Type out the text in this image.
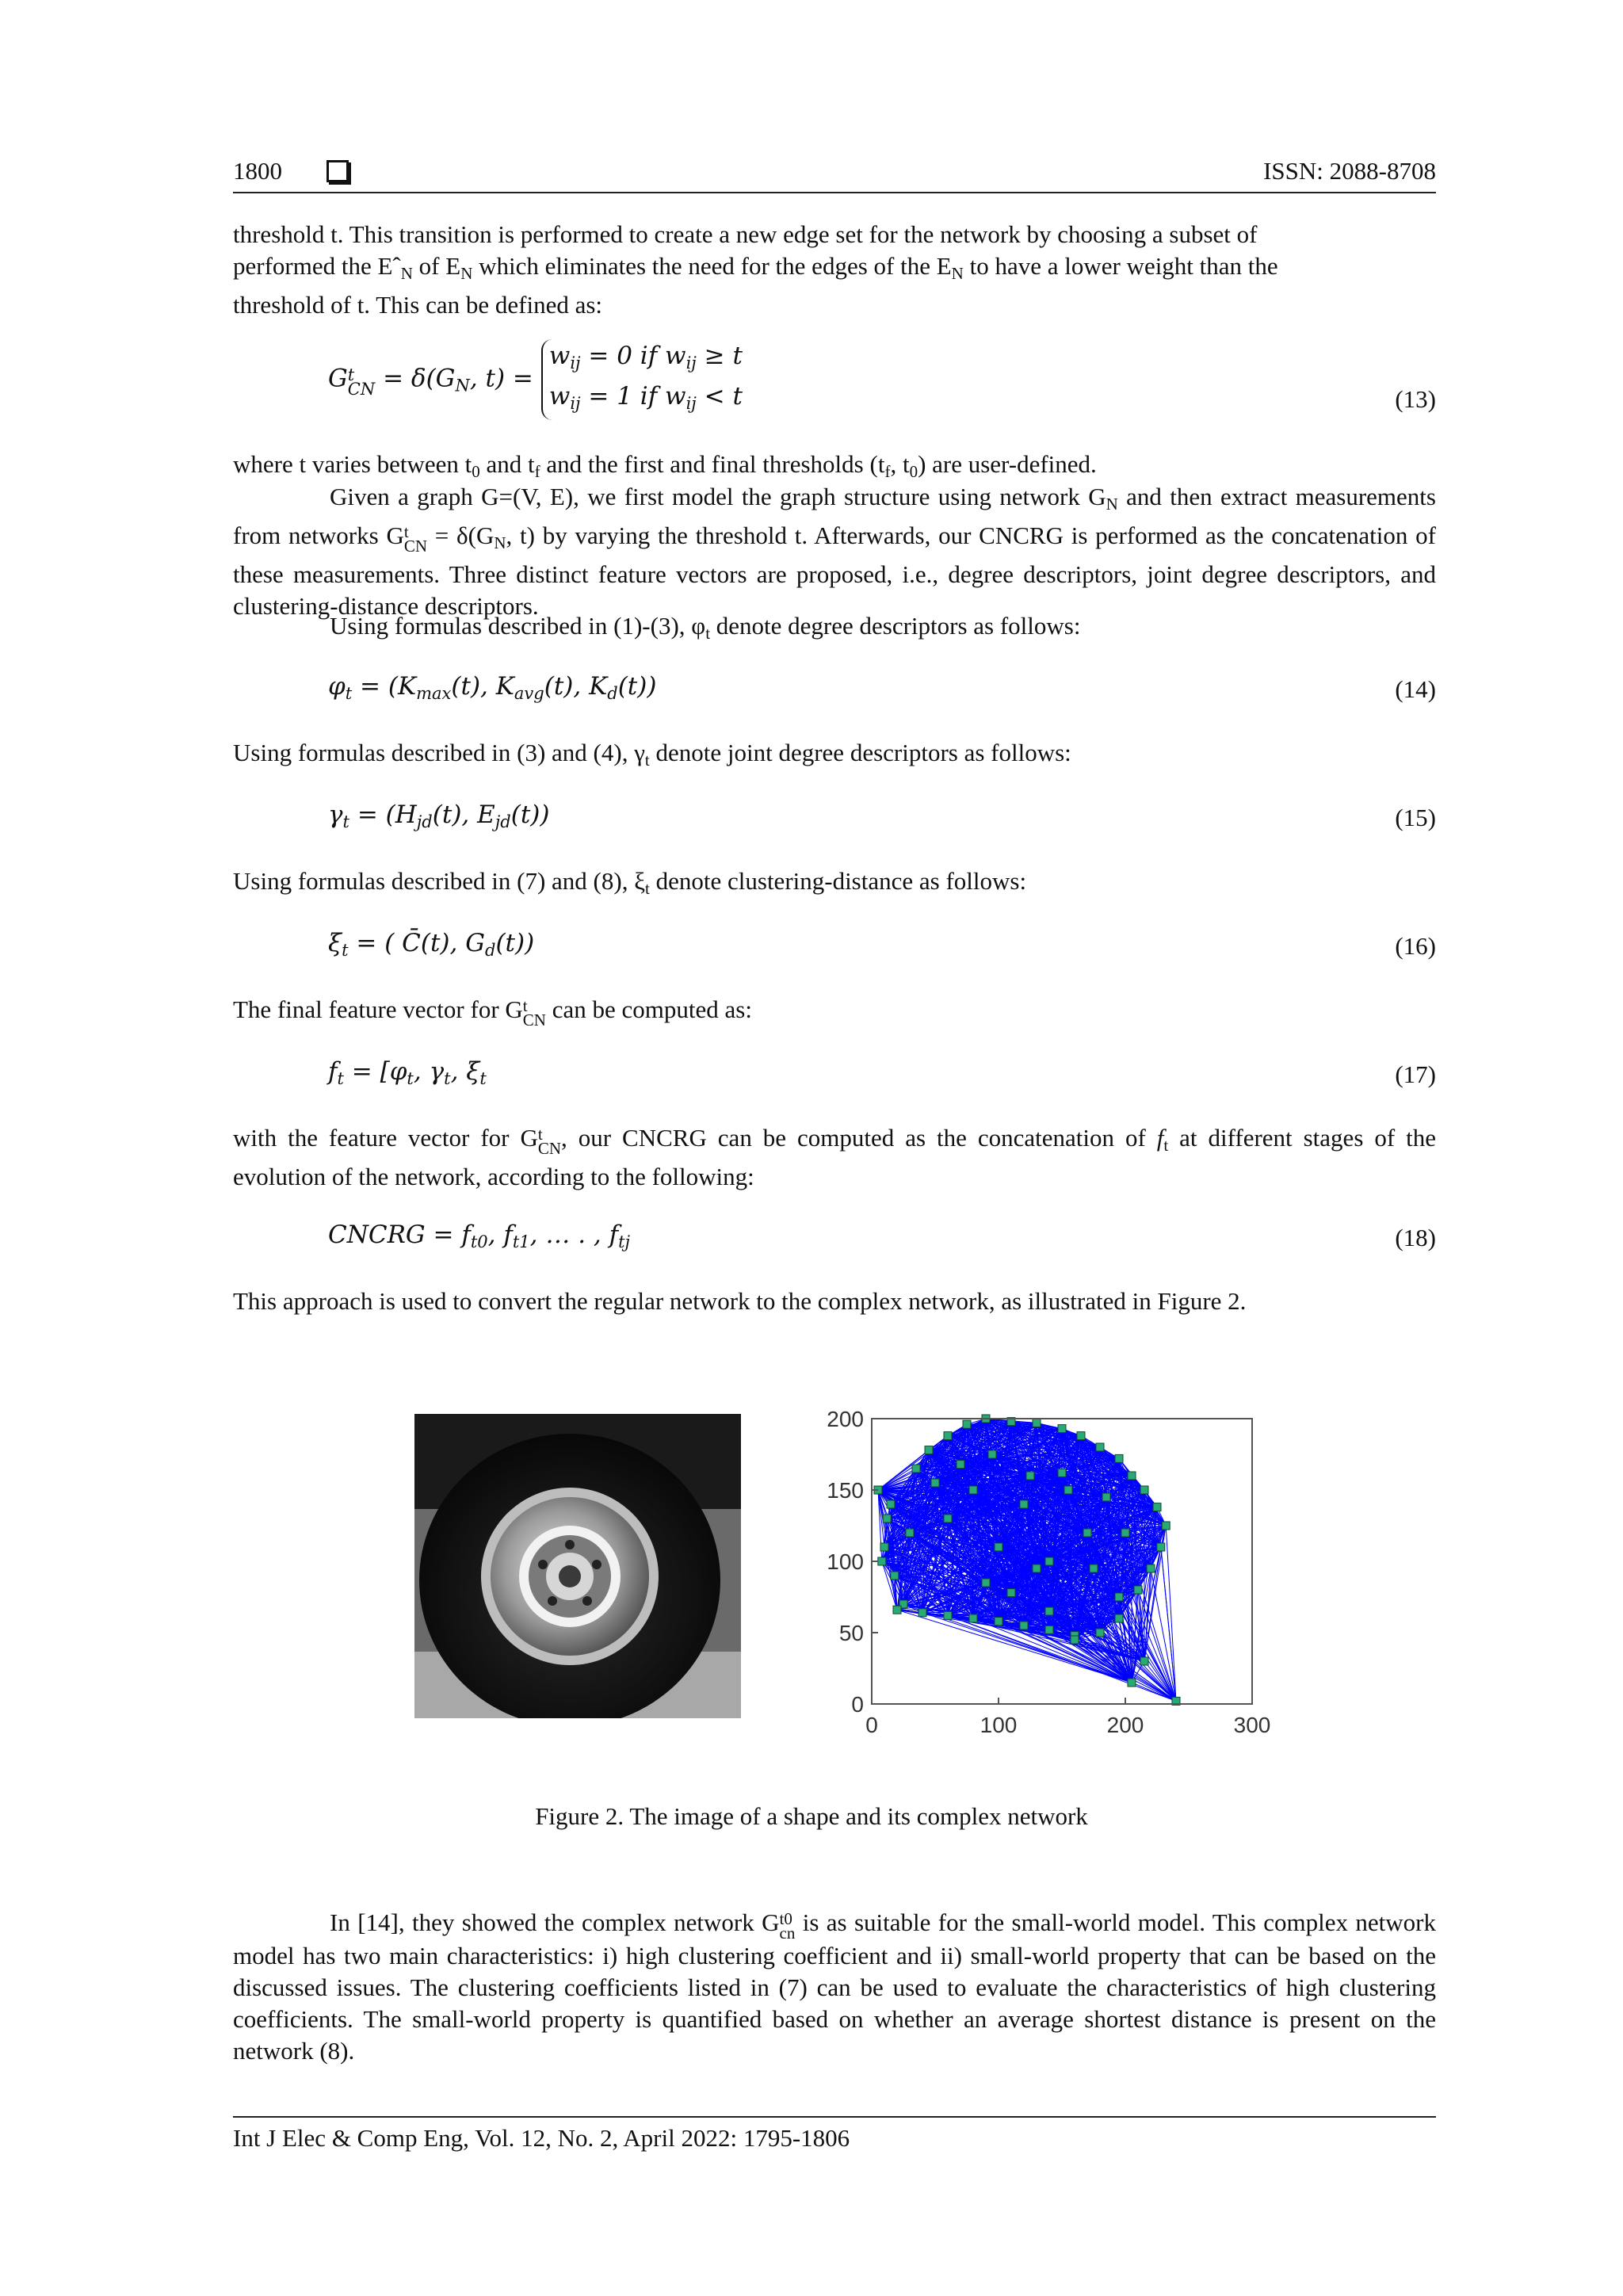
1800	ISSN: 2088-8708
threshold t. This transition is performed to create a new edge set for the network by choosing a subset of
performed the Eˆ$_N$ of $E_N$ which eliminates the need for the edges of the $E_N$ to have a lower weight than the
threshold of t. This can be defined as:
Gt
CN = $\delta(G_N$, $t) = w_{ij} = 0$ if $w_{ij} \ge t$
$w_{ij} = 1$ if $w_{ij} < t$	(13)
where t varies between $t_0$ and $t_f$ and the first and final thresholds ($t_f$, $t_0$) are user-defined.
Given a graph G=(V, E), we first model the graph structure using network $G_N$ and then extract measurements from networks Gt
CN = $\delta(G_N$, t) by varying the threshold t. Afterwards, our CNCRG is performed as the concatenation of these measurements. Three distinct feature vectors are proposed, i.e., degree descriptors, joint degree descriptors, and clustering-distance descriptors.
Using formulas described in (1)-(3), $\varphi_t$ denote degree descriptors as follows:
$\varphi_t = (K_{max}(t)$, $K_{avg}(t)$, $K_d(t)$)	(14)
Using formulas described in (3) and (4), $\gamma_t$ denote joint degree descriptors as follows:
$\gamma_t = (H_{jd}(t)$, $E_{jd}(t)$)	(15)
Using formulas described in (7) and (8), $\xi_t$ denote clustering-distance as follows:
$\xi_t$ = ( C̄(t), $G_d(t)$)	(16)
The final feature vector for Gt
CN can be computed as:
$f_t = [\varphi_t$, $\gamma_t$, $\xi_t$	(17)
with the feature vector for Gt
CN, our CNCRG can be computed as the concatenation of $f_t$ at different stages of the evolution of the network, according to the following:
CNCRG = $f_{t0}$, $f_{t1}$, … . , $f_{tj}$	(18)
This approach is used to convert the regular network to the complex network, as illustrated in Figure 2.
0
50
100
150
200
0	100	200	300
Figure 2. The image of a shape and its complex network
In [14], they showed the complex network Gt0
cn is as suitable for the small-world model. This complex network model has two main characteristics: i) high clustering coefficient and ii) small-world property that can be based on the discussed issues. The clustering coefficients listed in (7) can be used to evaluate the characteristics of high clustering coefficients. The small-world property is quantified based on whether an average shortest distance is present on the network (8).
Int J Elec & Comp Eng, Vol. 12, No. 2, April 2022: 1795-1806
